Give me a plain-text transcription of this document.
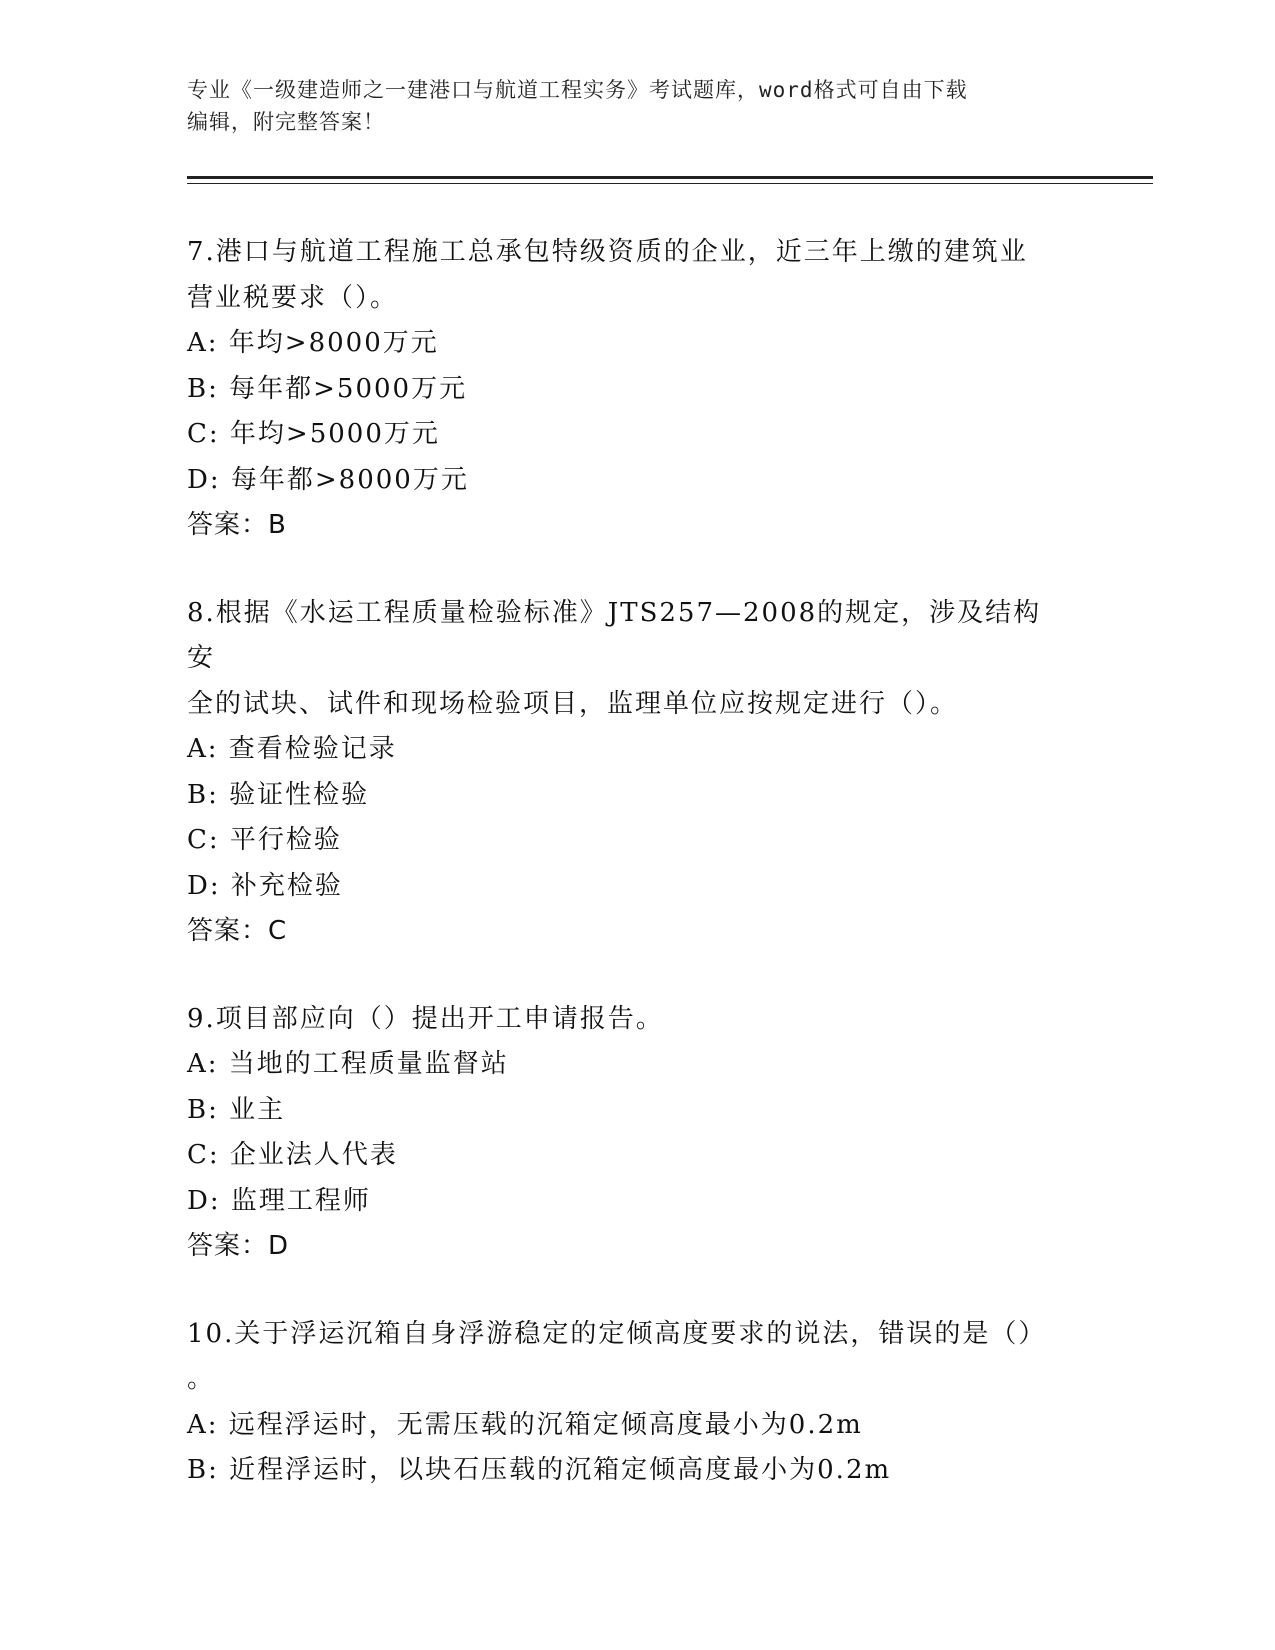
专业《一级建造师之一建港口与航道工程实务》考试题库，word格式可自由下载
编辑，附完整答案！
7.港口与航道工程施工总承包特级资质的企业，近三年上缴的建筑业
营业税要求（）。
A: 年均>8000万元
B: 每年都>5000万元
C: 年均>5000万元
D: 每年都>8000万元
答案：B
8.根据《水运工程质量检验标准》JTS257—2008的规定，涉及结构安
全的试块、试件和现场检验项目，监理单位应按规定进行（）。
A: 查看检验记录
B: 验证性检验
C: 平行检验
D: 补充检验
答案：C
9.项目部应向（）提出开工申请报告。
A: 当地的工程质量监督站
B: 业主
C: 企业法人代表
D: 监理工程师
答案：D
10.关于浮运沉箱自身浮游稳定的定倾高度要求的说法，错误的是（）
。
A: 远程浮运时，无需压载的沉箱定倾高度最小为0.2m
B: 近程浮运时，以块石压载的沉箱定倾高度最小为0.2m
